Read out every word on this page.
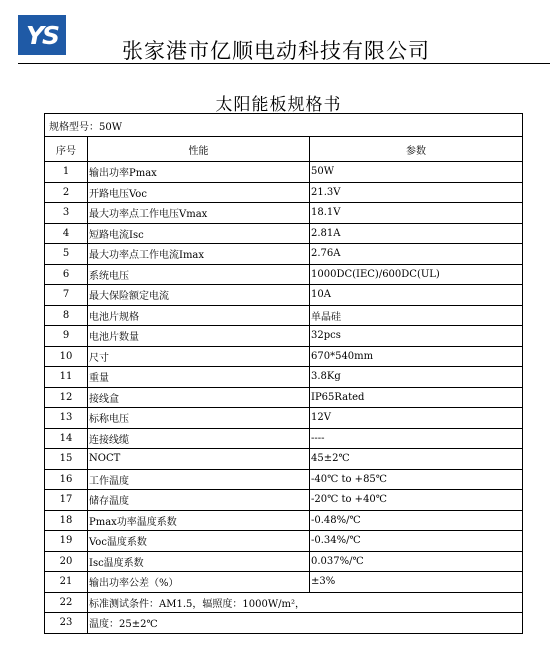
YS
张家港市亿顺电动科技有限公司
太阳能板规格书
规格型号：50W		
序号	性能	参数
1	输出功率Pmax	50W
2	开路电压Voc	21.3V
3	最大功率点工作电压Vmax	18.1V
4	短路电流Isc	2.81A
5	最大功率点工作电流Imax	2.76A
6	系统电压	1000DC(IEC)/600DC(UL)
7	最大保险额定电流	10A
8	电池片规格	单晶硅
9	电池片数量	32pcs
10	尺寸	670*540mm
11	重量	3.8Kg
12	接线盒	IP65Rated
13	标称电压	12V
14	连接线缆	----
15	NOCT	45±2℃
16	工作温度	-40℃ to +85℃
17	储存温度	-20℃ to +40℃
18	Pmax功率温度系数	-0.48%/℃
19	Voc温度系数	-0.34%/℃
20	Isc温度系数	0.037%/℃
21	输出功率公差（%）	±3%
22	标准测试条件：AM1.5，辐照度：1000W/m²，	
23	温度：25±2℃	
